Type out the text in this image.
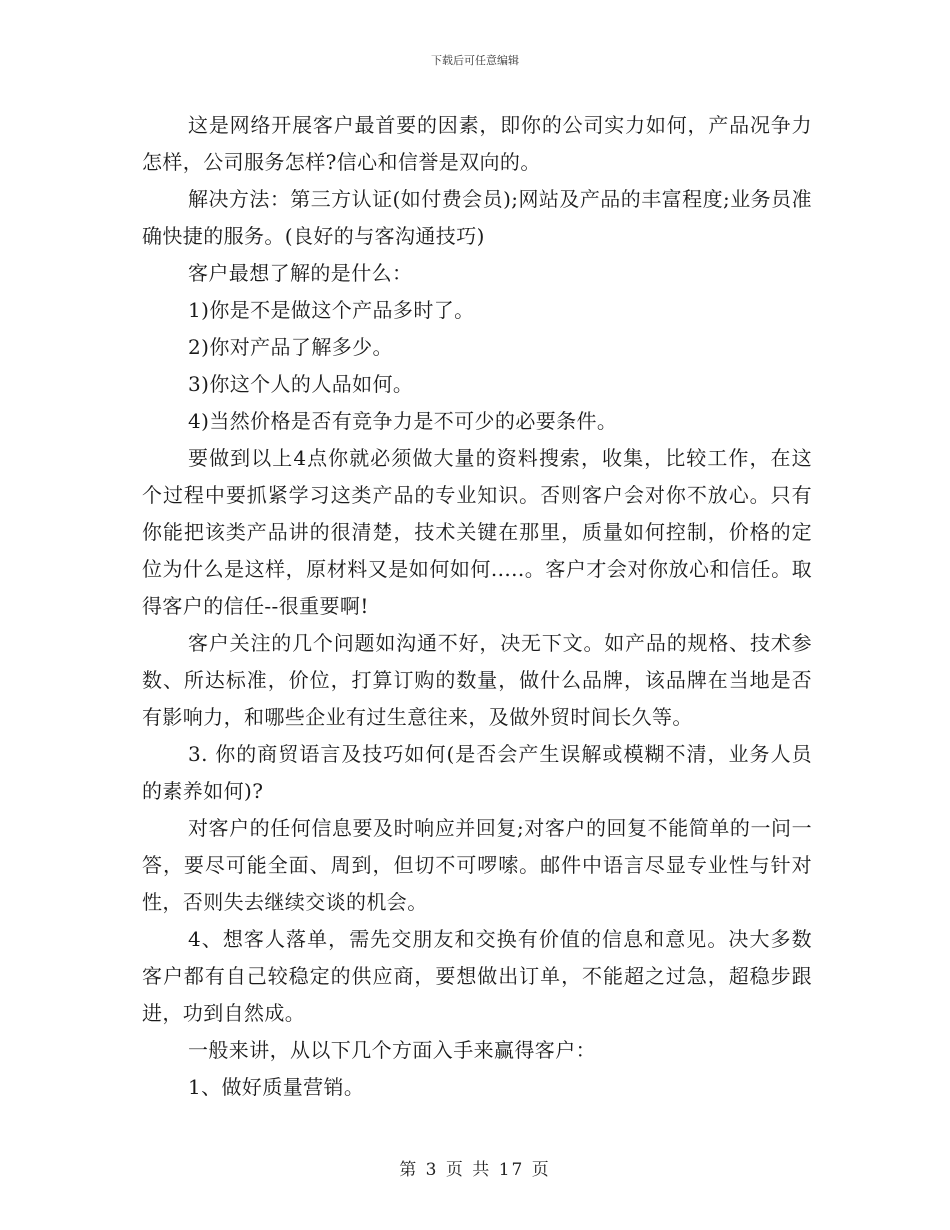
下载后可任意编辑

这是网络开展客户最首要的因素，即你的公司实力如何，产品况争力怎样，公司服务怎样?信心和信誉是双向的。

解决方法：第三方认证(如付费会员);网站及产品的丰富程度;业务员准确快捷的服务。(良好的与客沟通技巧)

客户最想了解的是什么：

1)你是不是做这个产品多时了。

2)你对产品了解多少。

3)你这个人的人品如何。

4)当然价格是否有竞争力是不可少的必要条件。

要做到以上4点你就必须做大量的资料搜索，收集，比较工作，在这个过程中要抓紧学习这类产品的专业知识。否则客户会对你不放心。只有你能把该类产品讲的很清楚，技术关键在那里，质量如何控制，价格的定位为什么是这样，原材料又是如何如何.....。客户才会对你放心和信任。取得客户的信任--很重要啊!

客户关注的几个问题如沟通不好，决无下文。如产品的规格、技术参数、所达标准，价位，打算订购的数量，做什么品牌，该品牌在当地是否有影响力，和哪些企业有过生意往来，及做外贸时间长久等。

3. 你的商贸语言及技巧如何(是否会产生误解或模糊不清，业务人员的素养如何)?

对客户的任何信息要及时响应并回复;对客户的回复不能简单的一问一答，要尽可能全面、周到，但切不可啰嗦。邮件中语言尽显专业性与针对性，否则失去继续交谈的机会。

4、想客人落单，需先交朋友和交换有价值的信息和意见。决大多数客户都有自己较稳定的供应商，要想做出订单，不能超之过急，超稳步跟进，功到自然成。

一般来讲，从以下几个方面入手来赢得客户：

1、做好质量营销。

第 3 页 共 17 页
